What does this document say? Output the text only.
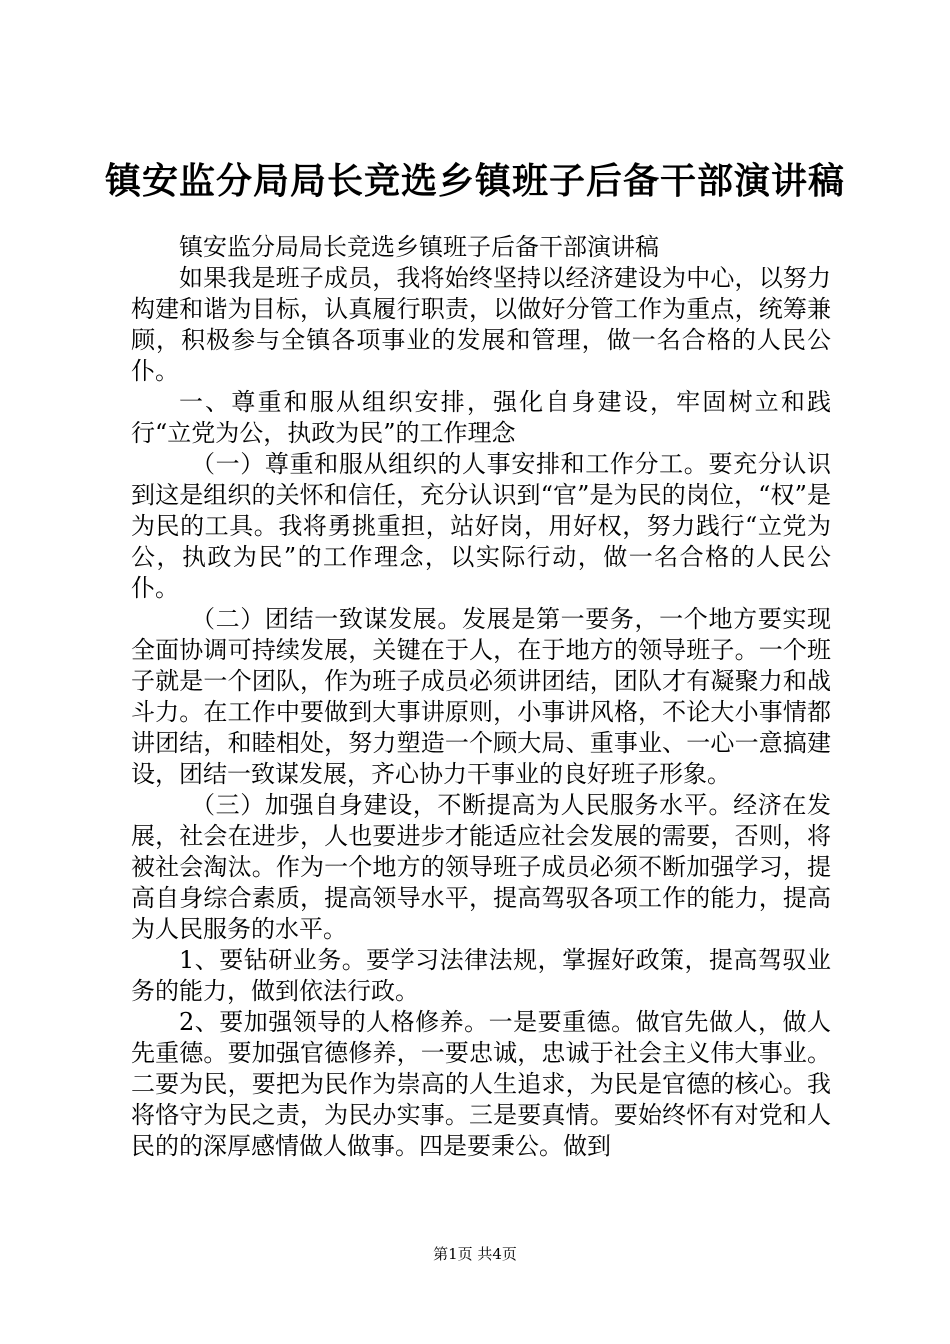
镇安监分局局长竞选乡镇班子后备干部演讲稿

镇安监分局局长竞选乡镇班子后备干部演讲稿

如果我是班子成员，我将始终坚持以经济建设为中心，以努力构建和谐为目标，认真履行职责，以做好分管工作为重点，统筹兼顾，积极参与全镇各项事业的发展和管理，做一名合格的人民公仆。

一、尊重和服从组织安排，强化自身建设，牢固树立和践行“立党为公，执政为民”的工作理念

（一）尊重和服从组织的人事安排和工作分工。要充分认识到这是组织的关怀和信任，充分认识到“官”是为民的岗位，“权”是为民的工具。我将勇挑重担，站好岗，用好权，努力践行“立党为公，执政为民”的工作理念，以实际行动，做一名合格的人民公仆。

（二）团结一致谋发展。发展是第一要务，一个地方要实现全面协调可持续发展，关键在于人，在于地方的领导班子。一个班子就是一个团队，作为班子成员必须讲团结，团队才有凝聚力和战斗力。在工作中要做到大事讲原则，小事讲风格，不论大小事情都讲团结，和睦相处，努力塑造一个顾大局、重事业、一心一意搞建设，团结一致谋发展，齐心协力干事业的良好班子形象。

（三）加强自身建设，不断提高为人民服务水平。经济在发展，社会在进步，人也要进步才能适应社会发展的需要，否则，将被社会淘汰。作为一个地方的领导班子成员必须不断加强学习，提高自身综合素质，提高领导水平，提高驾驭各项工作的能力，提高为人民服务的水平。

1、要钻研业务。要学习法律法规，掌握好政策，提高驾驭业务的能力，做到依法行政。

2、要加强领导的人格修养。一是要重德。做官先做人，做人先重德。要加强官德修养，一要忠诚，忠诚于社会主义伟大事业。二要为民，要把为民作为崇高的人生追求，为民是官德的核心。我将恪守为民之责，为民办实事。三是要真情。要始终怀有对党和人民的的深厚感情做人做事。四是要秉公。做到

第1页 共4页
